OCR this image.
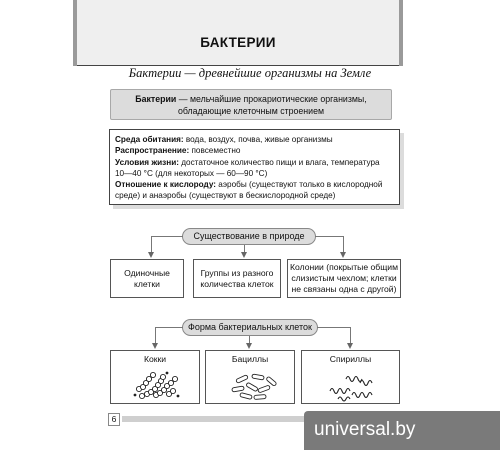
БАКТЕРИИ
Бактерии — древнейшие организмы на Земле
Бактерии — мельчайшие прокариотические организмы,
обладающие клеточным строением
Среда обитания: вода, воздух, почва, живые организмы
Распространение: повсеместно
Условия жизни: достаточное количество пищи и влага, температура
10—40 °С (для некоторых — 60—90 °С)
Отношение к кислороду: аэробы (существуют только в кислородной
среде) и анаэробы (существуют в бескислородной среде)
Существование в природе
Одиночные
клетки
Группы из разного
количества клеток
Колонии (покрытые общим
слизистым чехлом; клетки
не связаны одна с другой)
Форма бактериальных клеток
Кокки	Бациллы	Спириллы
6	universal.by
